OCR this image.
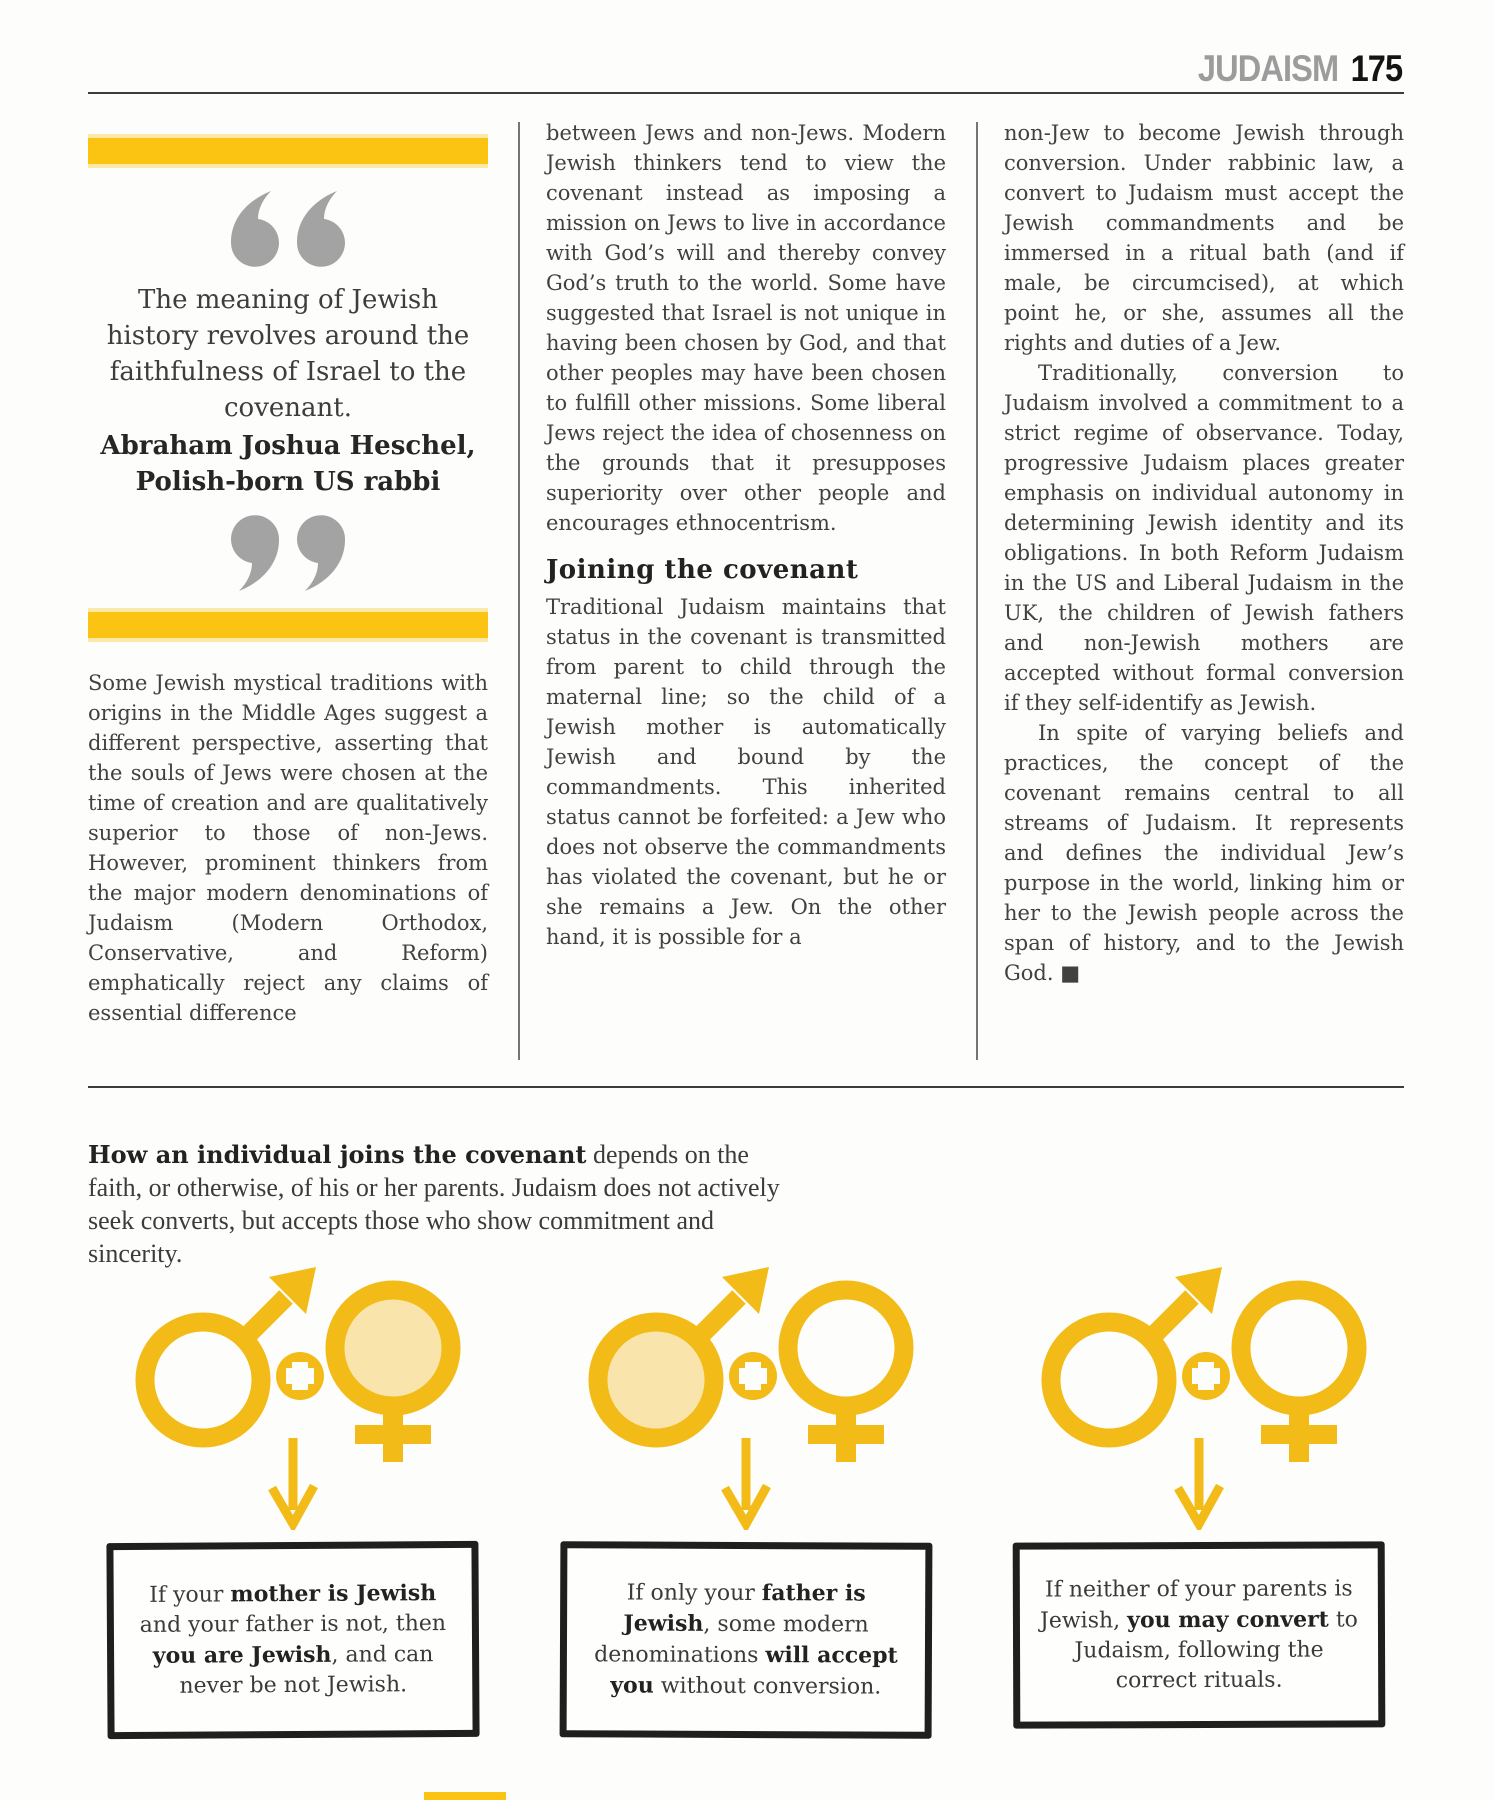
JUDAISM 175

The meaning of Jewish history revolves around the faithfulness of Israel to the covenant.

Abraham Joshua Heschel, Polish-born US rabbi

Some Jewish mystical traditions with origins in the Middle Ages suggest a different perspective, asserting that the souls of Jews were chosen at the time of creation and are qualitatively superior to those of non-Jews. However, prominent thinkers from the major modern denominations of Judaism (Modern Orthodox, Conservative, and Reform) emphatically reject any claims of essential difference

between Jews and non-Jews. Modern Jewish thinkers tend to view the covenant instead as imposing a mission on Jews to live in accordance with God’s will and thereby convey God’s truth to the world. Some have suggested that Israel is not unique in having been chosen by God, and that other peoples may have been chosen to fulfill other missions. Some liberal Jews reject the idea of chosenness on the grounds that it presupposes superiority over other people and encourages ethnocentrism.

Joining the covenant

Traditional Judaism maintains that status in the covenant is transmitted from parent to child through the maternal line; so the child of a Jewish mother is automatically Jewish and bound by the commandments. This inherited status cannot be forfeited: a Jew who does not observe the commandments has violated the covenant, but he or she remains a Jew. On the other hand, it is possible for a

non-Jew to become Jewish through conversion. Under rabbinic law, a convert to Judaism must accept the Jewish commandments and be immersed in a ritual bath (and if male, be circumcised), at which point he, or she, assumes all the rights and duties of a Jew.

Traditionally, conversion to Judaism involved a commitment to a strict regime of observance. Today, progressive Judaism places greater emphasis on individual autonomy in determining Jewish identity and its obligations. In both Reform Judaism in the US and Liberal Judaism in the UK, the children of Jewish fathers and non-Jewish mothers are accepted without formal conversion if they self-identify as Jewish.

In spite of varying beliefs and practices, the concept of the covenant remains central to all streams of Judaism. It represents and defines the individual Jew’s purpose in the world, linking him or her to the Jewish people across the span of history, and to the Jewish God. ■

How an individual joins the covenant depends on the faith, or otherwise, of his or her parents. Judaism does not actively seek converts, but accepts those who show commitment and sincerity.

If your mother is Jewish and your father is not, then you are Jewish, and can never be not Jewish.
If only your father is Jewish, some modern denominations will accept you without conversion.
If neither of your parents is Jewish, you may convert to Judaism, following the correct rituals.
